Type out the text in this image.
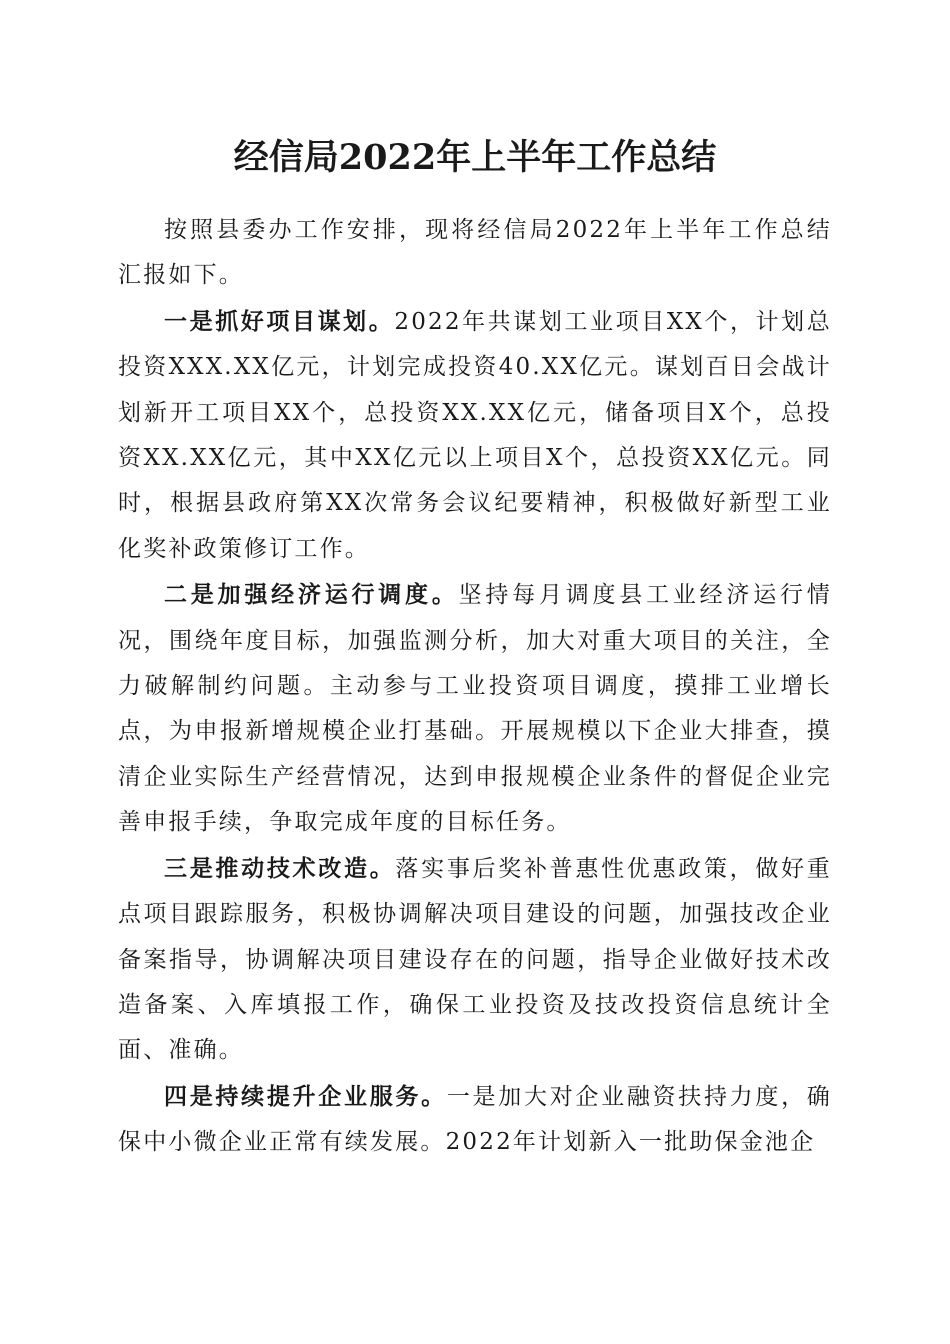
经信局2022年上半年工作总结

按照县委办工作安排，现将经信局2022年上半年工作总结汇报如下。

一是抓好项目谋划。2022年共谋划工业项目XX个，计划总投资XXX.XX亿元，计划完成投资40.XX亿元。谋划百日会战计划新开工项目XX个，总投资XX.XX亿元，储备项目X个，总投资XX.XX亿元，其中XX亿元以上项目X个，总投资XX亿元。同时，根据县政府第XX次常务会议纪要精神，积极做好新型工业化奖补政策修订工作。

二是加强经济运行调度。坚持每月调度县工业经济运行情况，围绕年度目标，加强监测分析，加大对重大项目的关注，全力破解制约问题。主动参与工业投资项目调度，摸排工业增长点，为申报新增规模企业打基础。开展规模以下企业大排查，摸清企业实际生产经营情况，达到申报规模企业条件的督促企业完善申报手续，争取完成年度的目标任务。

三是推动技术改造。落实事后奖补普惠性优惠政策，做好重点项目跟踪服务，积极协调解决项目建设的问题，加强技改企业备案指导，协调解决项目建设存在的问题，指导企业做好技术改造备案、入库填报工作，确保工业投资及技改投资信息统计全面、准确。

四是持续提升企业服务。一是加大对企业融资扶持力度，确保中小微企业正常有续发展。2022年计划新入一批助保金池企
